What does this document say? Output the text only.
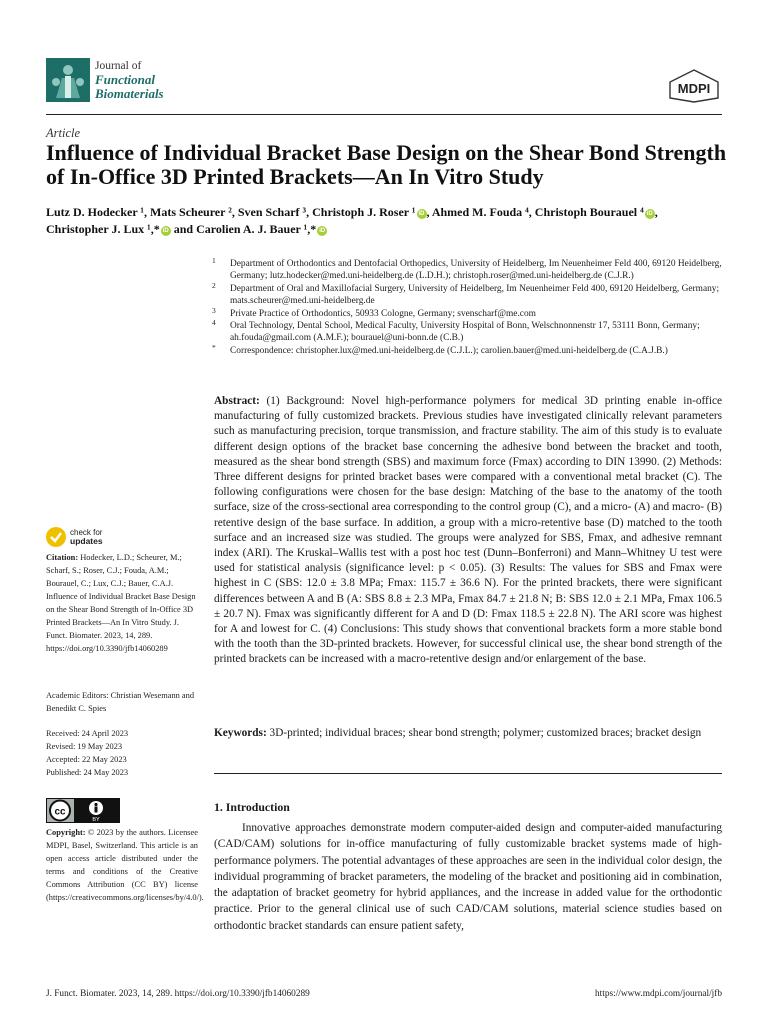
Journal of
Functional
Biomaterials	MDPI
Article
Influence of Individual Bracket Base Design on the Shear Bond Strength of In-Office 3D Printed Brackets—An In Vitro Study
Lutz D. Hodecker ¹, Mats Scheurer ², Sven Scharf ³, Christoph J. Roser ¹ iD , Ahmed M. Fouda ⁴, Christoph Bourauel ⁴ iD ,
Christopher J. Lux ¹,* iD and Carolien A. J. Bauer ¹,* iD
1 Department of Orthodontics and Dentofacial Orthopedics, University of Heidelberg, Im Neuenheimer Feld 400, 69120 Heidelberg, Germany; lutz.hodecker@med.uni-heidelberg.de (L.D.H.); christoph.roser@med.uni-heidelberg.de (C.J.R.)
2 Department of Oral and Maxillofacial Surgery, University of Heidelberg, Im Neuenheimer Feld 400, 69120 Heidelberg, Germany; mats.scheurer@med.uni-heidelberg.de
3 Private Practice of Orthodontics, 50933 Cologne, Germany; svenscharf@me.com
4 Oral Technology, Dental School, Medical Faculty, University Hospital of Bonn, Welschnonnenstr 17, 53111 Bonn, Germany; ah.fouda@gmail.com (A.M.F.); bourauel@uni-bonn.de (C.B.)
* Correspondence: christopher.lux@med.uni-heidelberg.de (C.J.L.); carolien.bauer@med.uni-heidelberg.de (C.A.J.B.)
Abstract: (1) Background: Novel high-performance polymers for medical 3D printing enable in-office manufacturing of fully customized brackets. Previous studies have investigated clinically relevant parameters such as manufacturing precision, torque transmission, and fracture stability. The aim of this study is to evaluate different design options of the bracket base concerning the adhesive bond between the bracket and tooth, measured as the shear bond strength (SBS) and maximum force (Fmax) according to DIN 13990. (2) Methods: Three different designs for printed bracket bases were compared with a conventional metal bracket (C). The following configurations were chosen for the base design: Matching of the base to the anatomy of the tooth surface, size of the cross-sectional area corresponding to the control group (C), and a micro- (A) and macro- (B) retentive design of the base surface. In addition, a group with a micro-retentive base (D) matched to the tooth surface and an increased size was studied. The groups were analyzed for SBS, Fmax, and adhesive remnant index (ARI). The Kruskal–Wallis test with a post hoc test (Dunn–Bonferroni) and Mann–Whitney U test were used for statistical analysis (significance level: p < 0.05). (3) Results: The values for SBS and Fmax were highest in C (SBS: 12.0 ± 3.8 MPa; Fmax: 115.7 ± 36.6 N). For the printed brackets, there were significant differences between A and B (A: SBS 8.8 ± 2.3 MPa, Fmax 84.7 ± 21.8 N; B: SBS 12.0 ± 2.1 MPa, Fmax 106.5 ± 20.7 N). Fmax was significantly different for A and D (D: Fmax 118.5 ± 22.8 N). The ARI score was highest for A and lowest for C. (4) Conclusions: This study shows that conventional brackets form a more stable bond with the tooth than the 3D-printed brackets. However, for successful clinical use, the shear bond strength of the printed brackets can be increased with a macro-retentive design and/or enlargement of the base.
Keywords: 3D-printed; individual braces; shear bond strength; polymer; customized braces; bracket design
check for
updates
Citation: Hodecker, L.D.; Scheurer, M.; Scharf, S.; Roser, C.J.; Fouda, A.M.; Bourauel, C.; Lux, C.J.; Bauer, C.A.J. Influence of Individual Bracket Base Design on the Shear Bond Strength of In-Office 3D Printed Brackets—An In Vitro Study. J. Funct. Biomater. 2023, 14, 289. https://doi.org/10.3390/jfb14060289
Academic Editors: Christian Wesemann and Benedikt C. Spies
Received: 24 April 2023
Revised: 19 May 2023
Accepted: 22 May 2023
Published: 24 May 2023
cc
BY
Copyright: © 2023 by the authors. Licensee MDPI, Basel, Switzerland. This article is an open access article distributed under the terms and conditions of the Creative Commons Attribution (CC BY) license (https://creativecommons.org/licenses/by/4.0/).
1. Introduction
Innovative approaches demonstrate modern computer-aided design and computer-aided manufacturing (CAD/CAM) solutions for in-office manufacturing of fully customizable bracket systems made of high-performance polymers. The potential advantages of these approaches are seen in the individual color design, the individual programming of bracket parameters, the modeling of the bracket and positioning aid in combination, the adaptation of bracket geometry for hybrid appliances, and the increase in added value for the orthodontic practice. Prior to the general clinical use of such CAD/CAM solutions, material science studies based on orthodontic bracket standards can ensure patient safety,
J. Funct. Biomater. 2023, 14, 289. https://doi.org/10.3390/jfb14060289	https://www.mdpi.com/journal/jfb
